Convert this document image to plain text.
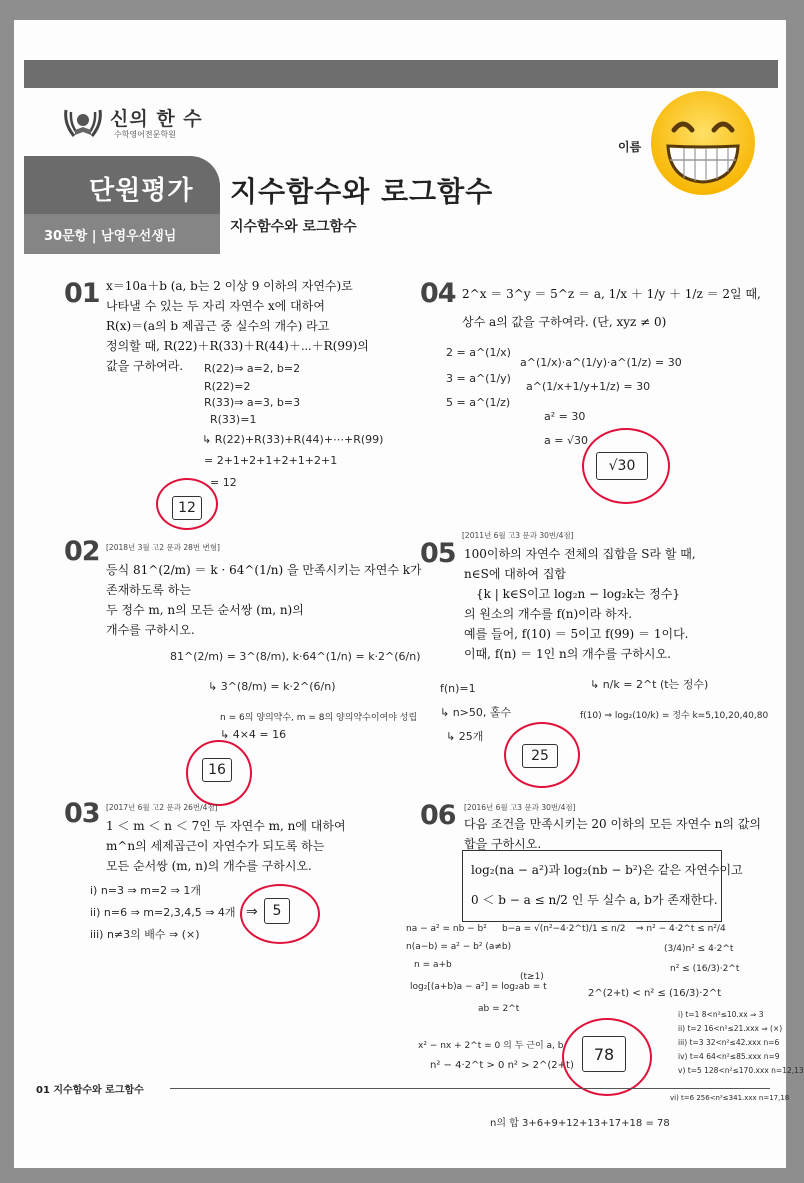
신의 한 수
수학영어전문학원
이름
단원평가
30문항 | 남영우선생님
지수함수와 로그함수
지수함수와 로그함수
01 x＝10a＋b (a, b는 2 이상 9 이하의 자연수)로
나타낼 수 있는 두 자리 자연수 x에 대하여
R(x)＝(a의 b 제곱근 중 실수의 개수) 라고
정의할 때, R(22)＋R(33)＋R(44)＋⋯＋R(99)의
값을 구하여라.	R(22)⇒ a=2, b=2
R(22)=2
R(33)⇒ a=3, b=3
R(33)=1
↳ R(22)+R(33)+R(44)+⋯+R(99)
= 2+1+2+1+2+1+2+1
= 12
12
02 [2018년 3월 고2 문과 28번 변형]
등식 81^(2/m) ＝ k · 64^(1/n) 을 만족시키는 자연수 k가
존재하도록 하는
두 정수 m, n의 모든 순서쌍 (m, n)의
개수를 구하시오.
81^(2/m) = 3^(8/m), k·64^(1/n) = k·2^(6/n)
↳ 3^(8/m) = k·2^(6/n)
n = 6의 양의약수, m = 8의 양의약수이여야 성립
↳ 4×4 = 16
16
03 [2017년 6월 고2 문과 26번/4점]
1 ＜ m ＜ n ＜ 7인 두 자연수 m, n에 대하여
m^n의 세제곱근이 자연수가 되도록 하는
모든 순서쌍 (m, n)의 개수를 구하시오.
i) n=3 ⇒ m=2 ⇒ 1개
ii) n=6 ⇒ m=2,3,4,5 ⇒ 4개
iii) n≠3의 배수 ⇒ (×)
⇒	5
04 2^x ＝ 3^y ＝ 5^z ＝ a, 1/x ＋ 1/y ＋ 1/z ＝ 2일 때,
상수 a의 값을 구하여라. (단, xyz ≠ 0)
2 = a^(1/x)
3 = a^(1/y)
5 = a^(1/z)
a^(1/x)·a^(1/y)·a^(1/z) = 30
a^(1/x+1/y+1/z) = 30
a² = 30
a = √30
√30
05
[2011년 6월 고3 문과 30번/4점]
100이하의 자연수 전체의 집합을 S라 할 때,
n∈S에 대하여 집합
{k | k∈S이고 log₂n − log₂k는 정수}
의 원소의 개수를 f(n)이라 하자.
예를 들어, f(10) ＝ 5이고 f(99) ＝ 1이다.
이때, f(n) ＝ 1인 n의 개수를 구하시오.
↳ n/k = 2^t (t는 정수)
f(10) ⇒ log₂(10/k) = 정수 k=5,10,20,40,80
f(n)=1
↳ n>50, 홀수
↳ 25개
25
06 [2016년 6월 고3 문과 30번/4점]
다음 조건을 만족시키는 20 이하의 모든 자연수 n의 값의
합을 구하시오.
log₂(na − a²)과 log₂(nb − b²)은 같은 자연수이고
0 ＜ b − a ≤ n/2 인 두 실수 a, b가 존재한다.
na − a² = nb − b²
n(a−b) = a² − b² (a≠b)
n = a+b
log₂[(a+b)a − a²] = log₂ab = t
ab = 2^t
(t≥1)
b−a = √(n²−4·2^t)/1 ≤ n/2 ⇒ n² − 4·2^t ≤ n²/4
(3/4)n² ≤ 4·2^t
n² ≤ (16/3)·2^t
2^(2+t) < n² ≤ (16/3)·2^t
i) t=1 8<n²≤10.xx ⇒ 3
ii) t=2 16<n²≤21.xxx ⇒ (×)
iii) t=3 32<n²≤42.xxx n=6
iv) t=4 64<n²≤85.xxx n=9
v) t=5 128<n²≤170.xxx n=12,13
vi) t=6 256<n²≤341.xxx n=17,18
x² − nx + 2^t = 0 의 두 근이 a, b
n² − 4·2^t > 0 n² > 2^(2+t)
n의 합 3+6+9+12+13+17+18 = 78
78
01 지수함수와 로그함수
